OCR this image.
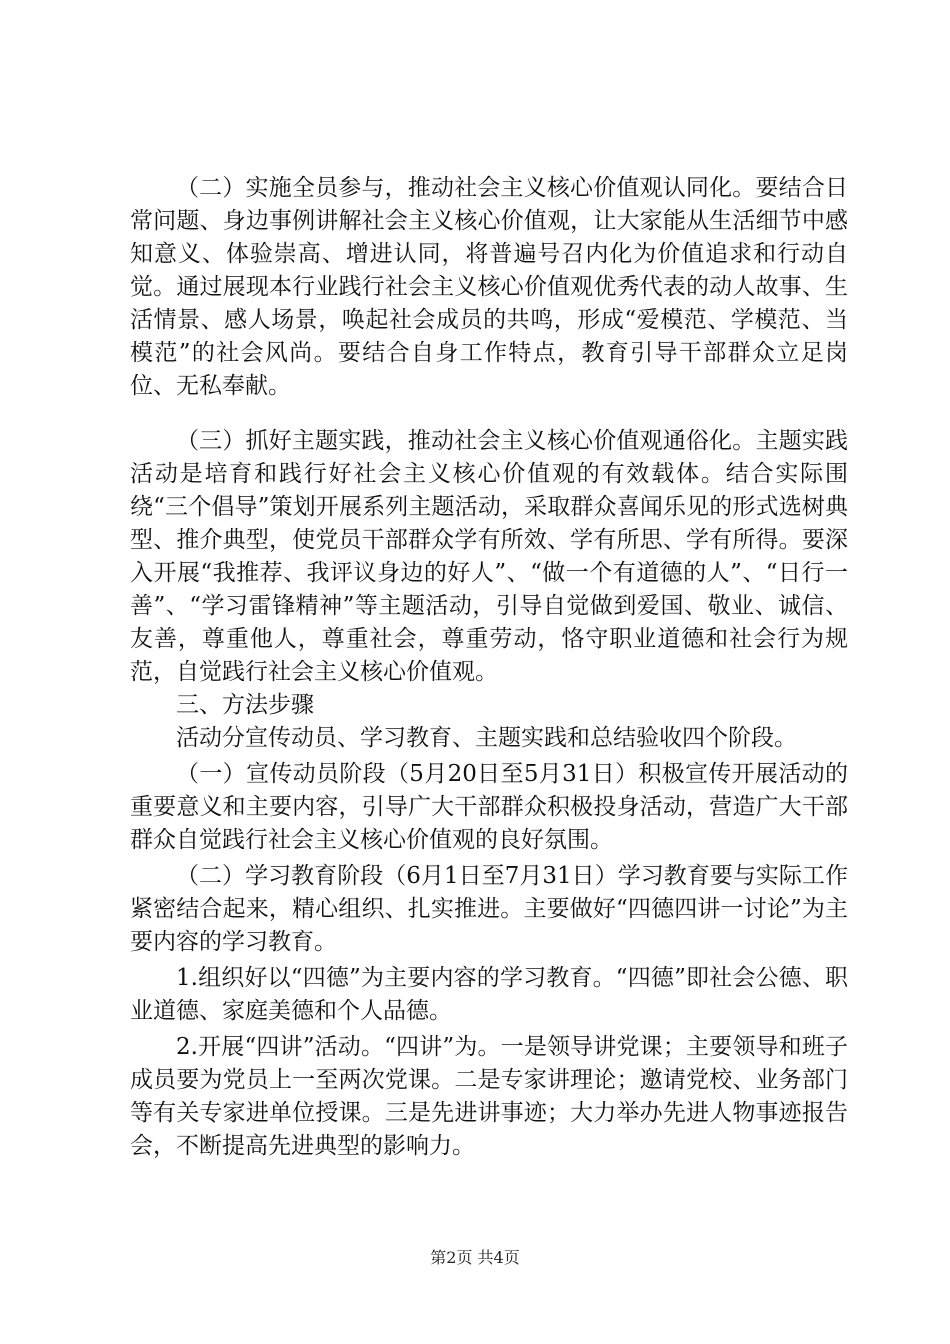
（二）实施全员参与，推动社会主义核心价值观认同化。要结合日常问题、身边事例讲解社会主义核心价值观，让大家能从生活细节中感知意义、体验崇高、增进认同，将普遍号召内化为价值追求和行动自觉。通过展现本行业践行社会主义核心价值观优秀代表的动人故事、生活情景、感人场景，唤起社会成员的共鸣，形成“爱模范、学模范、当模范”的社会风尚。要结合自身工作特点，教育引导干部群众立足岗位、无私奉献。

（三）抓好主题实践，推动社会主义核心价值观通俗化。主题实践活动是培育和践行好社会主义核心价值观的有效载体。结合实际围绕“三个倡导”策划开展系列主题活动，采取群众喜闻乐见的形式选树典型、推介典型，使党员干部群众学有所效、学有所思、学有所得。要深入开展“我推荐、我评议身边的好人”、“做一个有道德的人”、“日行一善”、“学习雷锋精神”等主题活动，引导自觉做到爱国、敬业、诚信、友善，尊重他人，尊重社会，尊重劳动，恪守职业道德和社会行为规范，自觉践行社会主义核心价值观。

三、方法步骤

活动分宣传动员、学习教育、主题实践和总结验收四个阶段。

（一）宣传动员阶段（5月20日至5月31日）积极宣传开展活动的重要意义和主要内容，引导广大干部群众积极投身活动，营造广大干部群众自觉践行社会主义核心价值观的良好氛围。

（二）学习教育阶段（6月1日至7月31日）学习教育要与实际工作紧密结合起来，精心组织、扎实推进。主要做好“四德四讲一讨论”为主要内容的学习教育。

1.组织好以“四德”为主要内容的学习教育。“四德”即社会公德、职业道德、家庭美德和个人品德。

2.开展“四讲”活动。“四讲”为。一是领导讲党课；主要领导和班子成员要为党员上一至两次党课。二是专家讲理论；邀请党校、业务部门等有关专家进单位授课。三是先进讲事迹；大力举办先进人物事迹报告会，不断提高先进典型的影响力。

第2页 共4页
